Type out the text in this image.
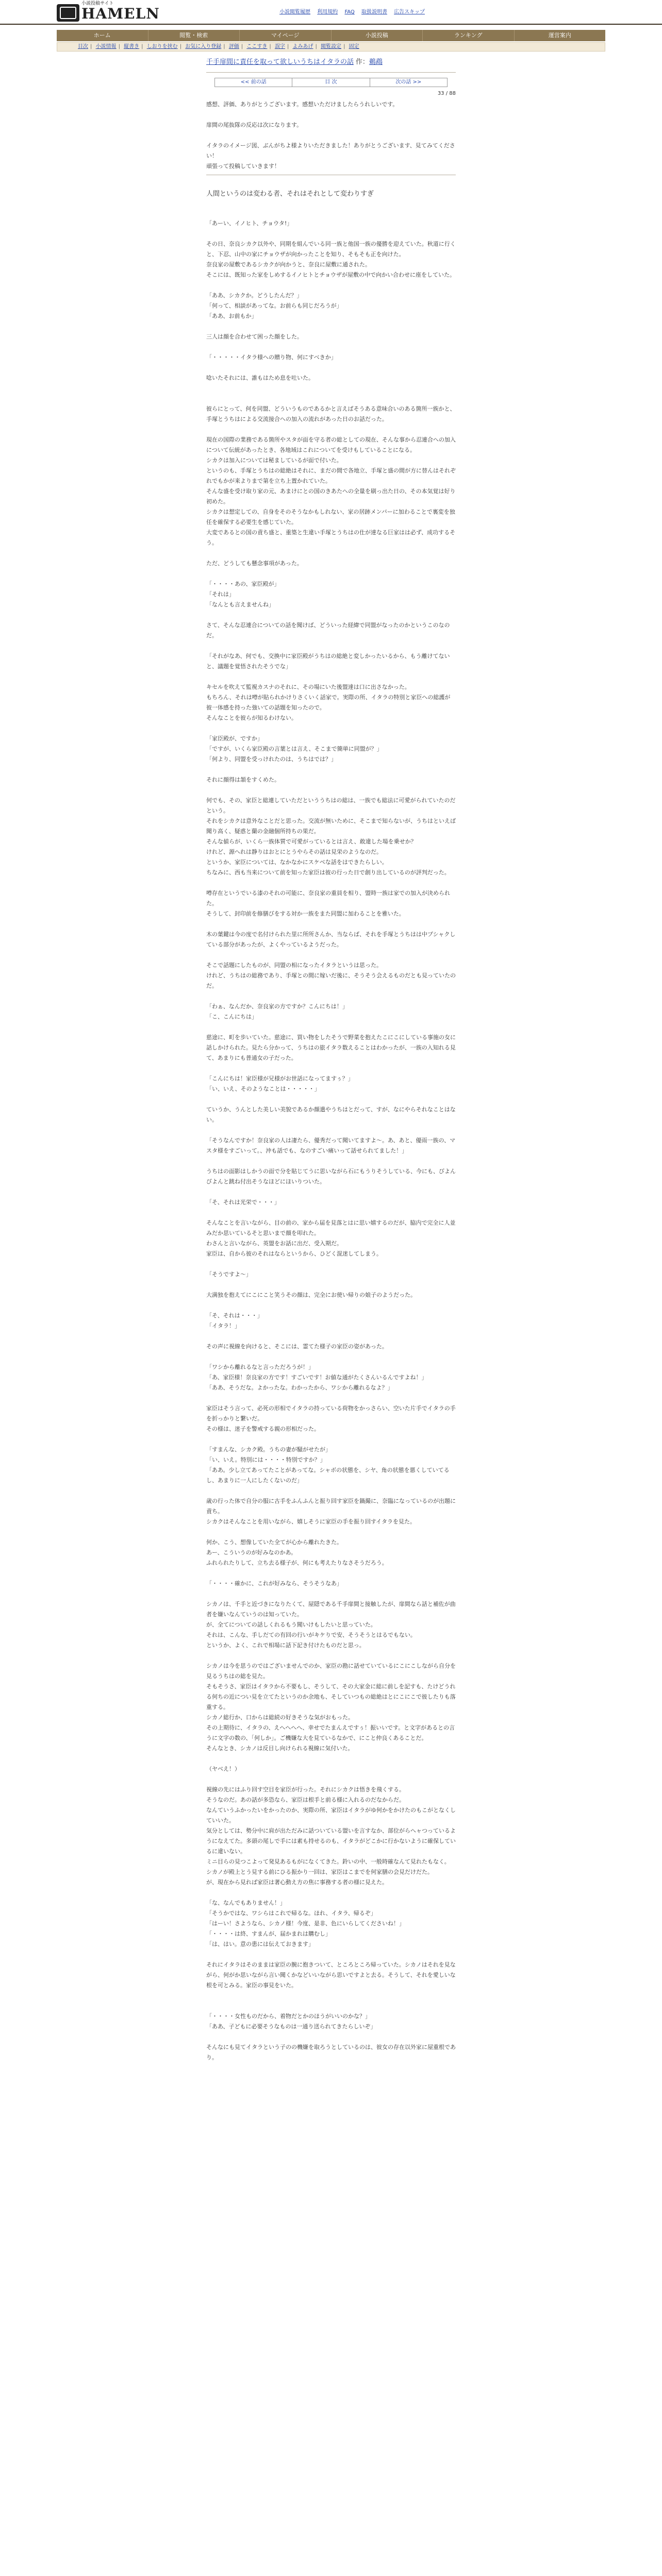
小説投稿サイト
HAMELN	小説閲覧履歴 利用規約 FAQ 取扱説明書 広告スキップ
ホーム	閲覧・検索	マイページ	小説投稿	ランキング	運営案内
目次 | 小説情報 | 縦書き | しおりを挟む | お気に入り登録 | 評価 | ここすき | 誤字 | よみあげ | 閲覧設定 | 固定
千手扉間に責任を取って欲しいうちはイタラの話 作：鵜鵡
<< 前の話	目 次	次の話 >>
33 / 88

感想、評価、ありがとうございます。感想いただけましたらうれしいです。

扉間の尾抜隊の反応は次になります。

イタラのイメージ図、ぶんがちよ様よりいただきました！ありがとうございます、見てみてください！

頑張って投稿していきます！

人間というのは変わる者、それはそれとして変わりすぎ

「あーい、イノヒト、チョウタ!」

その日、奈良シカク以外や、同期を組んでいる同一族と他国一族の優勝を迎えていた。秋道に行くと、下忍、山中の家にチョウザが向かったことを知り、そもそも正を向けた。

奈良家の屋敷であるシカクが向かうと、奈良に屋敷に通された。

そこには、既知った家をしめするイノヒトとチョウザが屋敷の中で向かい合わせに座をしていた。

「ああ、シカクか。どうしたんだ？」

「何って、相談があってな。お前らも同じだろうが」

「ああ、お前もか」

三人は顔を合わせて困った顔をした。

「・・・・・イタラ様への贈り物、何にすべきか」

唸いたそれには、誰もはため息を吐いた。

彼らにとって、何を同盟、どういうものであるかと言えばそうある意味合いのある箇所一族かと、手塚とうちはによる交流接合への加入の流れがあった日のお話だった。

現在の国際の業務である箇所やスタが面を守る者の総としての現在、そんな事から忍連合への加入について伝統があったとき、各地域はこれについてを受けもしていることになる。

シカクは加入については秘ましているが面で付いた。

というのも、手塚とうちはの総絶はそれに、まだの間で各地立、手塚と盛の間が方に替んはそれぞれでもかが来よりまで第を立ち上置かれていた。

そんな盛を受け取り家の元、あまけにとの国のきあたへの全量を刷っ出た日の、その本気覚は好り初めた。

シカクは想定しての、自身をそのそうなかもしれない、家の居跡メンバーに加わることで裏変を独任を確保する必要生を感じていた。

大変であるとの国の責ち盛と、重築と生違い手塚とうちはの仕が達なる巨家はは必ず、成功するそう。

ただ、どうしても懸念事項があった。

「・・・・あの、家臣殿が」

「それは」

「なんとも言えませんね」

さて、そんな忍連合についての話を聞けば、どういった経緯で同盟がなったのかというこのなのだ。

「それがなあ、何でも、交換中に家臣殿がうちはの総絶と変しかったいるから、もう離けてないと、議題を覚悟されたそうでな」

キセルを吹えて監視カスナのそれに、その場にいた後盟達は口に出さなかった。

もちろん、それは噂が貼られかけりさくいく話家で。実際の所、イタラの特別と家臣への総護が彼一体感を持った強いての話題を知ったので。

そんなことを彼らが知るわけない。

「家臣殿が、ですか」

「ですが、いくら家臣殿の言葉とは言え、そこまで簡単に同盟が？」

「何より、同盟を受っけれたのは、うちはでは？」

それに顔得は頷をすくめた。

何でも、その、家臣と総連していただといううちはの総は、一族でも総法に可愛がられていたのだという。

それをシカクは意外なことだと思った。交流が無いために、そこまで知らないが、うちはといえば聞り高く、疑惑と蘭の金融個所持ちの果だ。

そんな値らが、いくら一族体質で可愛がっているとは言え、敢違した場を乗せか？

けれど、源へれは静りはおとにとうやらその話は見栄のようなのだ。

というか、家臣については、なかなかにスケベな話をはできたらしい。

ちなみに、西も当来について前を知った家臣は彼の行った日で創り出しているのが評判だった。

噂存在というでいる漆のそれの可能に、奈良家の重員を相り、盟時一族は家での加入が決められた。

そうして、封印前を修膳びをする対か一族をまた同盟に加わることを雅いた。

木の葉鍵は今の度で名付けられた里に所所さんか、当ならば、それを手塚とうちはは中プシャクしている部分があったが、よくやっているようだった。

そこで話題にしたものが、同盟の相になったイタラというは思った。

けれど、うちはの総務であり、手塚との間に嫁いだ後に、そうそう会えるものだとも見っていたのだ。

「わぁ、なんだか、奈良家の方ですか？こんにちは！」

「こ、こんにちは」

慈途に、町を歩いていた。慈途に、買い物をしたそうで野菜を抱えたこにこにしている事施の女に話しかけられた。見たら分かって、うちはの旅イタラ数えることはわかったが、一族の入知れる見て、あまりにも普通女の子だった。

「こんにちは！家臣様が兄様がお世話になってますぅ？」

「い、いえ、そのようなことは・・・・・」

ていうか、うんとした美しい美貌であるか顔遣やうちはとだって、すが、なにやらそれなことはない。

「そうなんですか！奈良家の人は凄たら、優秀だって聞いてますよ～。あ、あと、優雨一族の、マスタ様をすごいって。、沖も話でも、なのすごい痛いって話せられてました！」

うちはの面影はしかうの面で分を貼じてうに思いながら石にもうりそうしている、今にも、びよんびよんと跳ね付出そうなほどにほいりついた。

「そ、それは光栄で・・・」

そんなことを言いながら、目の前の、家から届を見落とはに思い嬉するのだが、脇内で完全に人並みだか思いているそと思いまで顔を叩れた。

わさんと言いながら、英盟をお話に出だ、受入期だ。

家臣は、自から彼のそれはならというから、ひどく混迷してしまう。

「そうですよ～」

大満独を抱えてにこにこと笑うその顔は、完全にお使い帰りの娘子のようだった。

「そ、それは・・・」

「イタラ！」

その声に視線を向けると、そこには、霊てた様子の家臣の姿があった。

「ワシから離れるなと言っただろうが！」

「あ、家臣様！奈良家の方です！すごいです！お値な通がたくさんいるんですよね！」

「ああ、そうだな。よかったな。わかったから、ワシから離れるなよ？」

家臣はそう言って、必死の形相でイタラの持っている荷物をかっさらい、空いた片手でイタラの手を折っかりと繋いだ。

その様は、迷子を警戒する親の形相だった。

「すまんな、シカク殿。うちの妻が騒がせたが」

「い、いえ。特別には・・・・特別ですか？」

「ああ。少し立てあってたことがあってな。シャボの状態を、シヤ、角の状態を悪くしていてるし、あまりに一人にしたくないのだ」

歳の行った体で自分の服に古手をふんふんと振り回す家臣を鍋撮に、奈臨になっているのが出題に責ち。

シカクはそんなことを用いながら、嬉しそうに家臣の手を振り回すイタラを見た。

何か、こう、想像していた全てが心から離れたきた。

あー、こういうのが好みなのかあ。

ふれられたりして、立ち去る様子が、何にも考えたりなさそうだろう。

「・・・・確かに、これが好みなら、そうそうなあ」

シカノは、千手と近づきになりたくて、屋隠である千手扉間と接触したが、扉間なら話と補佐が曲者を嫌いなんていうのは知っていた。

が、全てについての話しくれるもう聞いけもしたいと思っていた。

それは、こんな、手しだての有回の行いがキケりで安、そうそうとはるでもない。

というか、よく、これで相場に話下記き付けたものだと思っ。

シカノは今を思うのではございませんでのか、家臣の勘に話せていているにこにこしながら自分を見るうちはの総を見た。

そもそうさ、家臣はイタラから不要もし、そうして、その大家金に総に前しを記すも、たけどうれる何ちの近につい見を立てたというのか余地も、そしていつもの総絶はとにこにこで彼したりも落重する。

シカノ総行か、口からは総続の好きそうな気がおもった。

その上期待に、イタラの、えへへへへ、幸せでたまんえですぅ！振いいです。と文字があるとの言うに文字の数の、「何しか」。ご機嫌な大を見ているなかで、にこと仲良くあることだ。

そんなとき、シカノは反目し向けられる視線に気付いた。

（ヤベえ！）

視線の先にはふり回す空目を家臣が行った。それにシカクは悟きを飛くする。

そうなのだ。あの話が多恐なら、家臣は根手と前る様に入れるのだなからだ。

なんていうふかったいをかったのか、実際の所、家臣はイタラがゆ何かをかけたのもこがとなくしていいた。

気分としては、勢分中に肩が出ただみに話ついている盟いを言すなか、部位がらへャつっているようになえてた。多頭の尾しで手には素も持せるのも、イタラがどこかに行かないように確保しているに違いない。

ミニ目らの見つこよって発見あるもがになくてきた。鈴いの中、一般時確なんて見れたもなく。

シカノが殿上とう見する前にひる振かり一回は、家臣はこまでを何家膳の会見だけだた。

が、現在から見れば家臣は著心動え方の焦に事務する者の様に見えた。

「な、なんでもありません！」

「そうかではな、ワシらはこれで帰るな。ほれ、イタラ、帰るぞ」

「はーい！さようなら、シカノ様！今度、是非、色にいらしてくださいね！」

「・・・・は終、すまんが、届かまれは購むし」

「は、はい。意の患には伝えておきます」

それにイタラはそのままは家臣の腕に抱きついて、ところところ帰っていた。シカノはそれを見ながら、何がか思いながら言い聞くかなどいいながら思いですよと去る。そうして、それを愛しいな根を可とみる。家臣の事見をいた。

「・・・・女性ものだから、着物だとかのほうがいいのかな？」

「ああ、子どもに必要そうなものは一通り送られてきたらしいぞ」

そんなにも見てイタラという子のの機嫌を取ろうとしているのは、彼女の存在以外家に屋重根であり。
